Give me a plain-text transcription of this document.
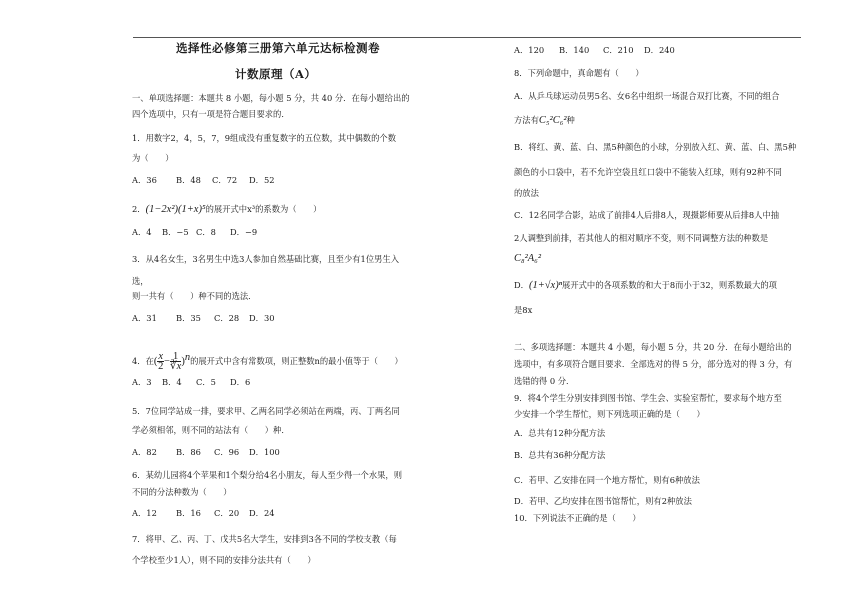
选择性必修第三册第六单元达标检测卷
计数原理（A）
一、单项选择题：本题共 8 小题，每小题 5 分，共 40 分．在每小题给出的
四个选项中，只有一项是符合题目要求的．
1．用数字2，4，5，7，9组成没有重复数字的五位数，其中偶数的个数
为（　　）
A．36 B．48 C．72 D．52
2．(1−2x²)(1+x)⁵的展开式中x³的系数为（　　）
A．4 B．−5 C．8 D．−9
3．从4名女生，3名男生中选3人参加自然基础比赛，且至少有1位男生入
选，
则一共有（　　）种不同的选法．
A．31 B．35 C．28 D．30
4．在( $\frac{x}{2} - \frac{1}{∛x} )^n$的展开式中含有常数项，则正整数n的最小值等于（　　）
A．3 B．4 C．5 D．6
5．7位同学站成一排，要求甲、乙两名同学必须站在两端，丙、丁两名同
学必须相邻，则不同的站法有（　　）种．
A．82 B．86 C．96 D．100
6．某幼儿园将4个苹果和1个梨分给4名小朋友，每人至少得一个水果，则
不同的分法种数为（　　）
A．12 B．16 C．20 D．24
7．将甲、乙、丙、丁、戊共5名大学生，安排到3各不同的学校支教（每
个学校至少1人），则不同的安排分法共有（　　）
A．120 B．140 C．210 D．240
8．下列命题中，真命题有（　　）
A．从乒乓球运动员男5名、女6名中组织一场混合双打比赛，不同的组合
方法有C₅²C₆²种
B．将红、黄、蓝、白、黑5种颜色的小球，分别放入红、黄、蓝、白、黑5种
颜色的小口袋中，若不允许空袋且红口袋中不能装入红球，则有92种不同
的放法
C．12名同学合影，站成了前排4人后排8人，现摄影师要从后排8人中抽
2人调整到前排，若其他人的相对顺序不变，则不同调整方法的种数是
C₈²A₆²
D．(1+√x)ⁿ展开式中的各项系数的和大于8而小于32，则系数最大的项
是8x
二、多项选择题：本题共 4 小题，每小题 5 分，共 20 分．在每小题给出的
选项中，有多项符合题目要求．全部选对的得 5 分，部分选对的得 3 分，有
选错的得 0 分．
9．将4个学生分别安排到图书馆、学生会、实验室帮忙，要求每个地方至
少安排一个学生帮忙，则下列选项正确的是（　　）
A．总共有12种分配方法
B．总共有36种分配方法
C．若甲、乙安排在同一个地方帮忙，则有6种放法
D．若甲、乙均安排在图书馆帮忙，则有2种放法
10．下列说法不正确的是（　　）
